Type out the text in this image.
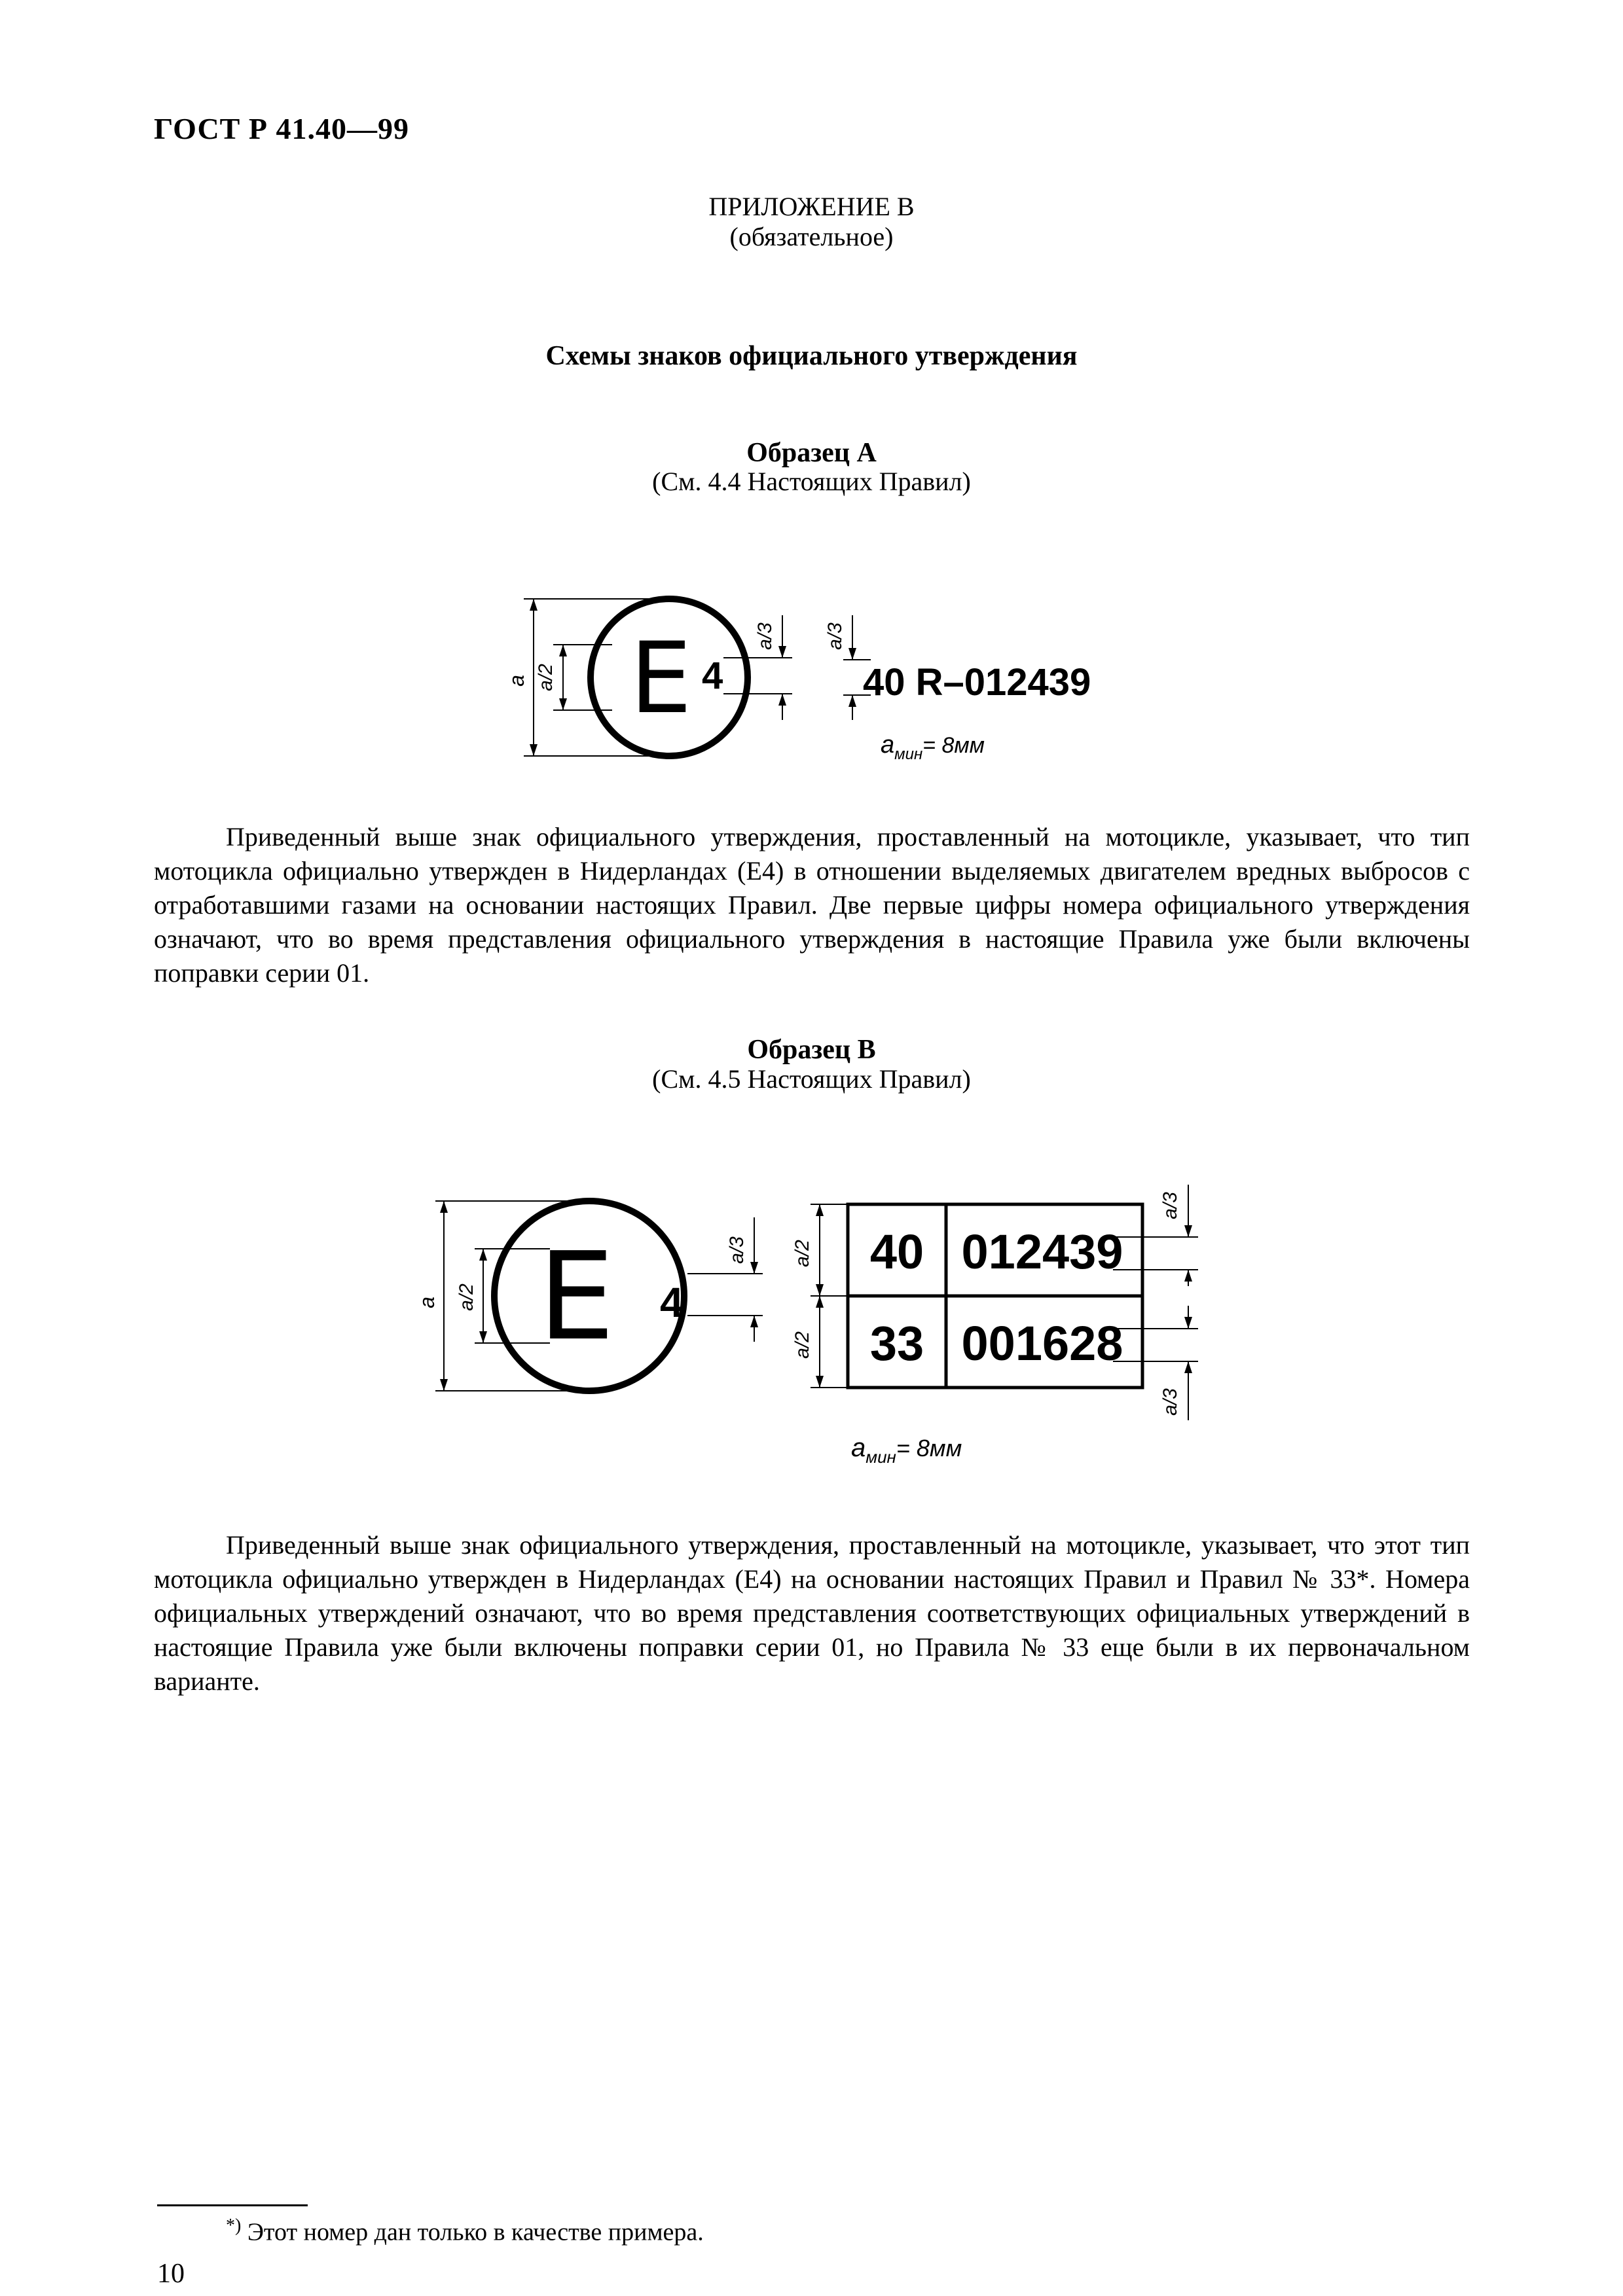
ГОСТ Р 41.40—99
ПРИЛОЖЕНИЕ В
(обязательное)
Схемы знаков официального утверждения
Образец A
(См. 4.4 Настоящих Правил)
E 4	40 R–012439
a a/2
a/3 a/3
$a_{мин}= 8мм$

Приведенный выше знак официального утверждения, проставленный на мотоцикле, указывает, что тип мотоцикла официально утвержден в Нидерландах (E4) в отношении выделяемых двигателем вредных выбросов с отработавшими газами на основании настоящих Правил. Две первые цифры номера официального утверждения означают, что во время представления официального утверждения в настоящие Правила уже были включены поправки серии 01.

Образец B
(См. 4.5 Настоящих Правил)
E 4
40 012439
33 001628
a a/2
a/3 a/2
a/2
a/3
a/3
$a_{мин}= 8мм$

Приведенный выше знак официального утверждения, проставленный на мотоцикле, указывает, что этот тип мотоцикла официально утвержден в Нидерландах (E4) на основании настоящих Правил и Правил № 33*. Номера официальных утверждений означают, что во время представления соответствующих официальных утверждений в настоящие Правила уже были включены поправки серии 01, но Правила № 33 еще были в их первоначальном варианте.

*) Этот номер дан только в качестве примера.
10
